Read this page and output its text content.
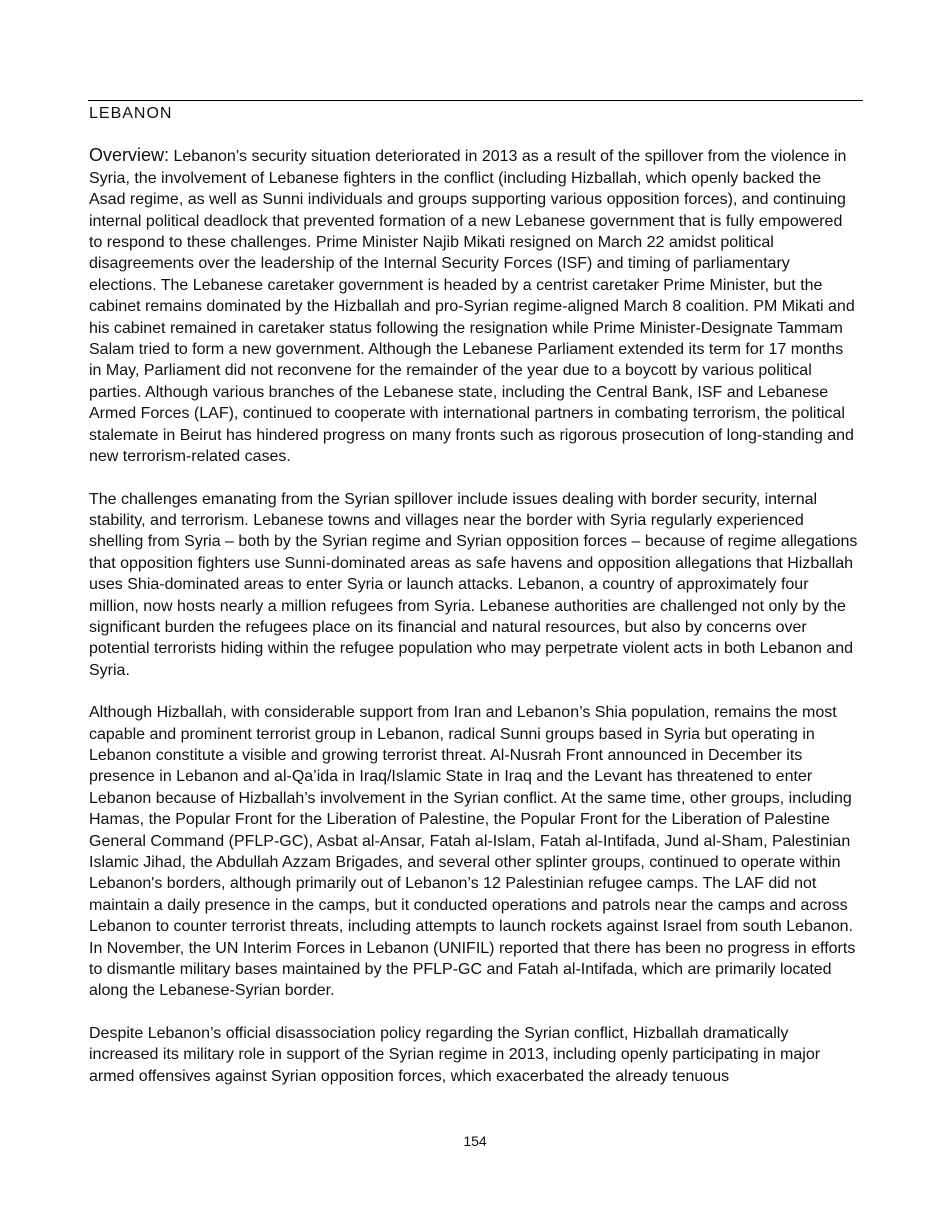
LEBANON

Overview: Lebanon’s security situation deteriorated in 2013 as a result of the spillover from the violence in Syria, the involvement of Lebanese fighters in the conflict (including Hizballah, which openly backed the Asad regime, as well as Sunni individuals and groups supporting various opposition forces), and continuing internal political deadlock that prevented formation of a new Lebanese government that is fully empowered to respond to these challenges. Prime Minister Najib Mikati resigned on March 22 amidst political disagreements over the leadership of the Internal Security Forces (ISF) and timing of parliamentary elections. The Lebanese caretaker government is headed by a centrist caretaker Prime Minister, but the cabinet remains dominated by the Hizballah and pro-Syrian regime-aligned March 8 coalition. PM Mikati and his cabinet remained in caretaker status following the resignation while Prime Minister-Designate Tammam Salam tried to form a new government. Although the Lebanese Parliament extended its term for 17 months in May, Parliament did not reconvene for the remainder of the year due to a boycott by various political parties. Although various branches of the Lebanese state, including the Central Bank, ISF and Lebanese Armed Forces (LAF), continued to cooperate with international partners in combating terrorism, the political stalemate in Beirut has hindered progress on many fronts such as rigorous prosecution of long-standing and new terrorism-related cases.

The challenges emanating from the Syrian spillover include issues dealing with border security, internal stability, and terrorism. Lebanese towns and villages near the border with Syria regularly experienced shelling from Syria – both by the Syrian regime and Syrian opposition forces – because of regime allegations that opposition fighters use Sunni-dominated areas as safe havens and opposition allegations that Hizballah uses Shia-dominated areas to enter Syria or launch attacks. Lebanon, a country of approximately four million, now hosts nearly a million refugees from Syria. Lebanese authorities are challenged not only by the significant burden the refugees place on its financial and natural resources, but also by concerns over potential terrorists hiding within the refugee population who may perpetrate violent acts in both Lebanon and Syria.

Although Hizballah, with considerable support from Iran and Lebanon’s Shia population, remains the most capable and prominent terrorist group in Lebanon, radical Sunni groups based in Syria but operating in Lebanon constitute a visible and growing terrorist threat. Al-Nusrah Front announced in December its presence in Lebanon and al-Qa’ida in Iraq/Islamic State in Iraq and the Levant has threatened to enter Lebanon because of Hizballah’s involvement in the Syrian conflict. At the same time, other groups, including Hamas, the Popular Front for the Liberation of Palestine, the Popular Front for the Liberation of Palestine General Command (PFLP-GC), Asbat al-Ansar, Fatah al-Islam, Fatah al-Intifada, Jund al-Sham, Palestinian Islamic Jihad, the Abdullah Azzam Brigades, and several other splinter groups, continued to operate within Lebanon's borders, although primarily out of Lebanon’s 12 Palestinian refugee camps. The LAF did not maintain a daily presence in the camps, but it conducted operations and patrols near the camps and across Lebanon to counter terrorist threats, including attempts to launch rockets against Israel from south Lebanon. In November, the UN Interim Forces in Lebanon (UNIFIL) reported that there has been no progress in efforts to dismantle military bases maintained by the PFLP-GC and Fatah al-Intifada, which are primarily located along the Lebanese-Syrian border.

Despite Lebanon’s official disassociation policy regarding the Syrian conflict, Hizballah dramatically increased its military role in support of the Syrian regime in 2013, including openly participating in major armed offensives against Syrian opposition forces, which exacerbated the already tenuous

154
